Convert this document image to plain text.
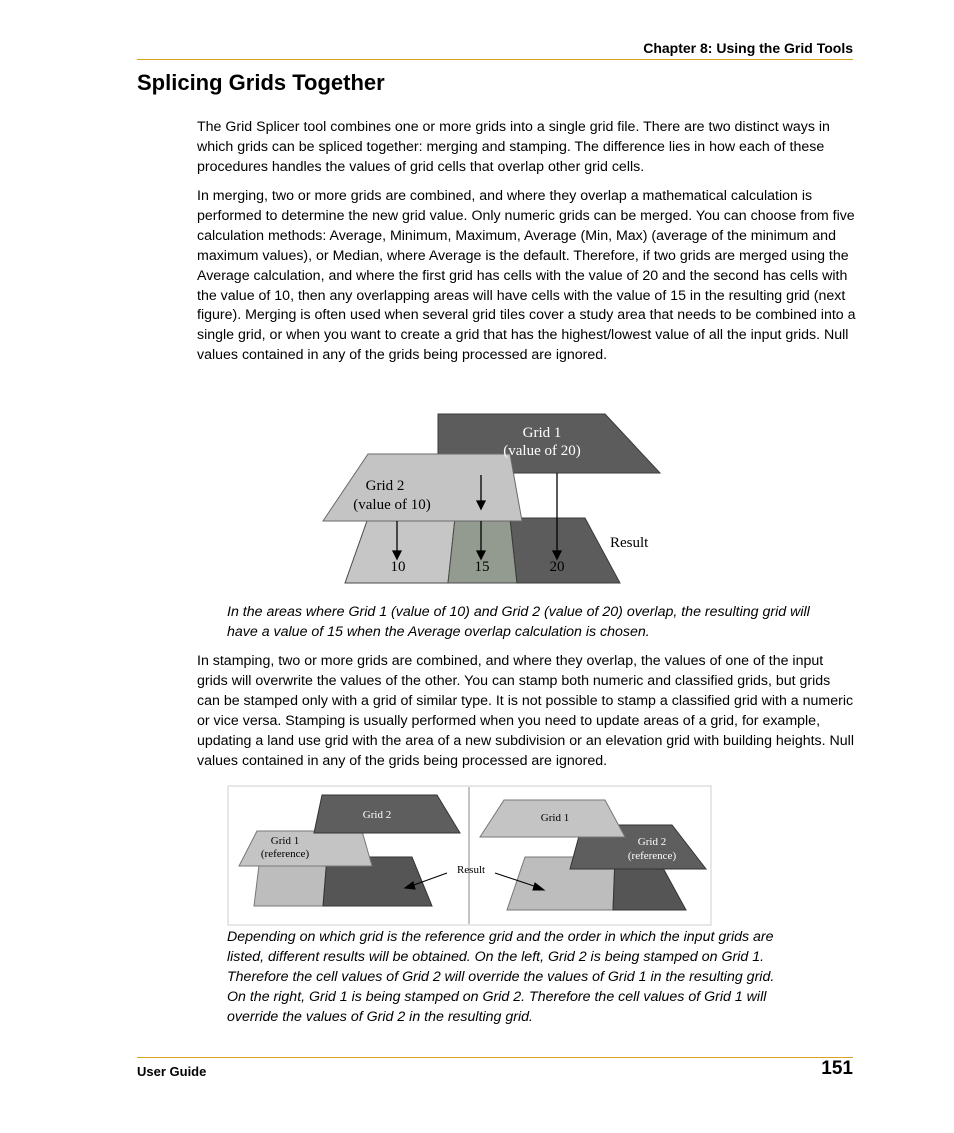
Chapter 8: Using the Grid Tools
Splicing Grids Together
The Grid Splicer tool combines one or more grids into a single grid file. There are two distinct ways in which grids can be spliced together: merging and stamping. The difference lies in how each of these procedures handles the values of grid cells that overlap other grid cells.
In merging, two or more grids are combined, and where they overlap a mathematical calculation is performed to determine the new grid value. Only numeric grids can be merged. You can choose from five calculation methods: Average, Minimum, Maximum, Average (Min, Max) (average of the minimum and maximum values), or Median, where Average is the default. Therefore, if two grids are merged using the Average calculation, and where the first grid has cells with the value of 20 and the second has cells with the value of 10, then any overlapping areas will have cells with the value of 15 in the resulting grid (next figure). Merging is often used when several grid tiles cover a study area that needs to be combined into a single grid, or when you want to create a grid that has the highest/lowest value of all the input grids. Null values contained in any of the grids being processed are ignored.
Grid 1
(value of 20)
Grid 2
(value of 10)
Result
10	15	20
In the areas where Grid 1 (value of 10) and Grid 2 (value of 20) overlap, the resulting grid will have a value of 15 when the Average overlap calculation is chosen.
In stamping, two or more grids are combined, and where they overlap, the values of one of the input grids will overwrite the values of the other. You can stamp both numeric and classified grids, but grids can be stamped only with a grid of similar type. It is not possible to stamp a classified grid with a numeric or vice versa. Stamping is usually performed when you need to update areas of a grid, for example, updating a land use grid with the area of a new subdivision or an elevation grid with building heights. Null values contained in any of the grids being processed are ignored.
Grid 2
Grid 1
(reference)
Grid 1
Grid 2
(reference)
Result
Depending on which grid is the reference grid and the order in which the input grids are listed, different results will be obtained. On the left, Grid 2 is being stamped on Grid 1. Therefore the cell values of Grid 2 will override the values of Grid 1 in the resulting grid. On the right, Grid 1 is being stamped on Grid 2. Therefore the cell values of Grid 1 will override the values of Grid 2 in the resulting grid.
User Guide	151
